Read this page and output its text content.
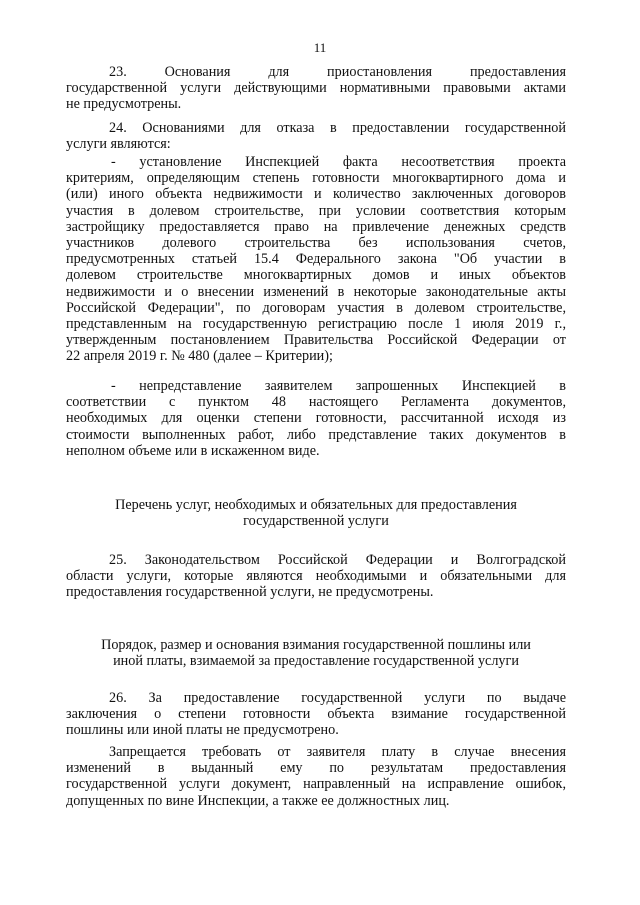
11
23. Основания для приостановления предоставления
государственной услуги действующими нормативными правовыми актами
не предусмотрены.
24. Основаниями для отказа в предоставлении государственной
услуги являются:
- установление Инспекцией факта несоответствия проекта
критериям, определяющим степень готовности многоквартирного дома и
(или) иного объекта недвижимости и количество заключенных договоров
участия в долевом строительстве, при условии соответствия которым
застройщику предоставляется право на привлечение денежных средств
участников долевого строительства без использования счетов,
предусмотренных статьей 15.4 Федерального закона "Об участии в
долевом строительстве многоквартирных домов и иных объектов
недвижимости и о внесении изменений в некоторые законодательные акты
Российской Федерации", по договорам участия в долевом строительстве,
представленным на государственную регистрацию после 1 июля 2019 г.,
утвержденным постановлением Правительства Российской Федерации от
22 апреля 2019 г. № 480 (далее – Критерии);
- непредставление заявителем запрошенных Инспекцией в
соответствии с пунктом 48 настоящего Регламента документов,
необходимых для оценки степени готовности, рассчитанной исходя из
стоимости выполненных работ, либо представление таких документов в
неполном объеме или в искаженном виде.
Перечень услуг, необходимых и обязательных для предоставления
государственной услуги
25. Законодательством Российской Федерации и Волгоградской
области услуги, которые являются необходимыми и обязательными для
предоставления государственной услуги, не предусмотрены.
Порядок, размер и основания взимания государственной пошлины или
иной платы, взимаемой за предоставление государственной услуги
26. За предоставление государственной услуги по выдаче
заключения о степени готовности объекта взимание государственной
пошлины или иной платы не предусмотрено.
Запрещается требовать от заявителя плату в случае внесения
изменений в выданный ему по результатам предоставления
государственной услуги документ, направленный на исправление ошибок,
допущенных по вине Инспекции, а также ее должностных лиц.
